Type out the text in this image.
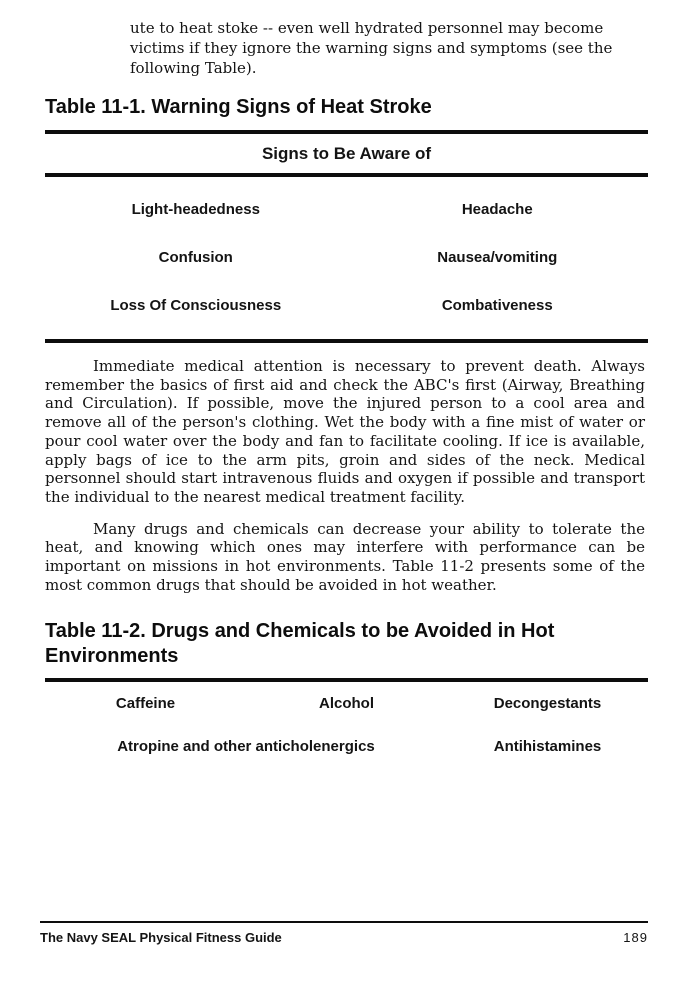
ute to heat stoke -- even well hydrated personnel may become victims if they ignore the warning signs and symptoms (see the following Table).

Table 11-1. Warning Signs of Heat Stroke
Signs to Be Aware of
Light-headedness	Headache
Confusion	Nausea/vomiting
Loss Of Consciousness	Combativeness

Immediate medical attention is necessary to prevent death. Always remember the basics of first aid and check the ABC's first (Airway, Breathing and Circulation). If possible, move the injured person to a cool area and remove all of the person's clothing. Wet the body with a fine mist of water or pour cool water over the body and fan to facilitate cooling. If ice is available, apply bags of ice to the arm pits, groin and sides of the neck. Medical personnel should start intravenous fluids and oxygen if possible and transport the individual to the nearest medical treatment facility.

Many drugs and chemicals can decrease your ability to tolerate the heat, and knowing which ones may interfere with performance can be important on missions in hot environments. Table 11-2 presents some of the most common drugs that should be avoided in hot weather.

Table 11-2. Drugs and Chemicals to be Avoided in Hot Environments
Caffeine	Alcohol	Decongestants
Atropine and other anticholenergics	Antihistamines
The Navy SEAL Physical Fitness Guide	189
